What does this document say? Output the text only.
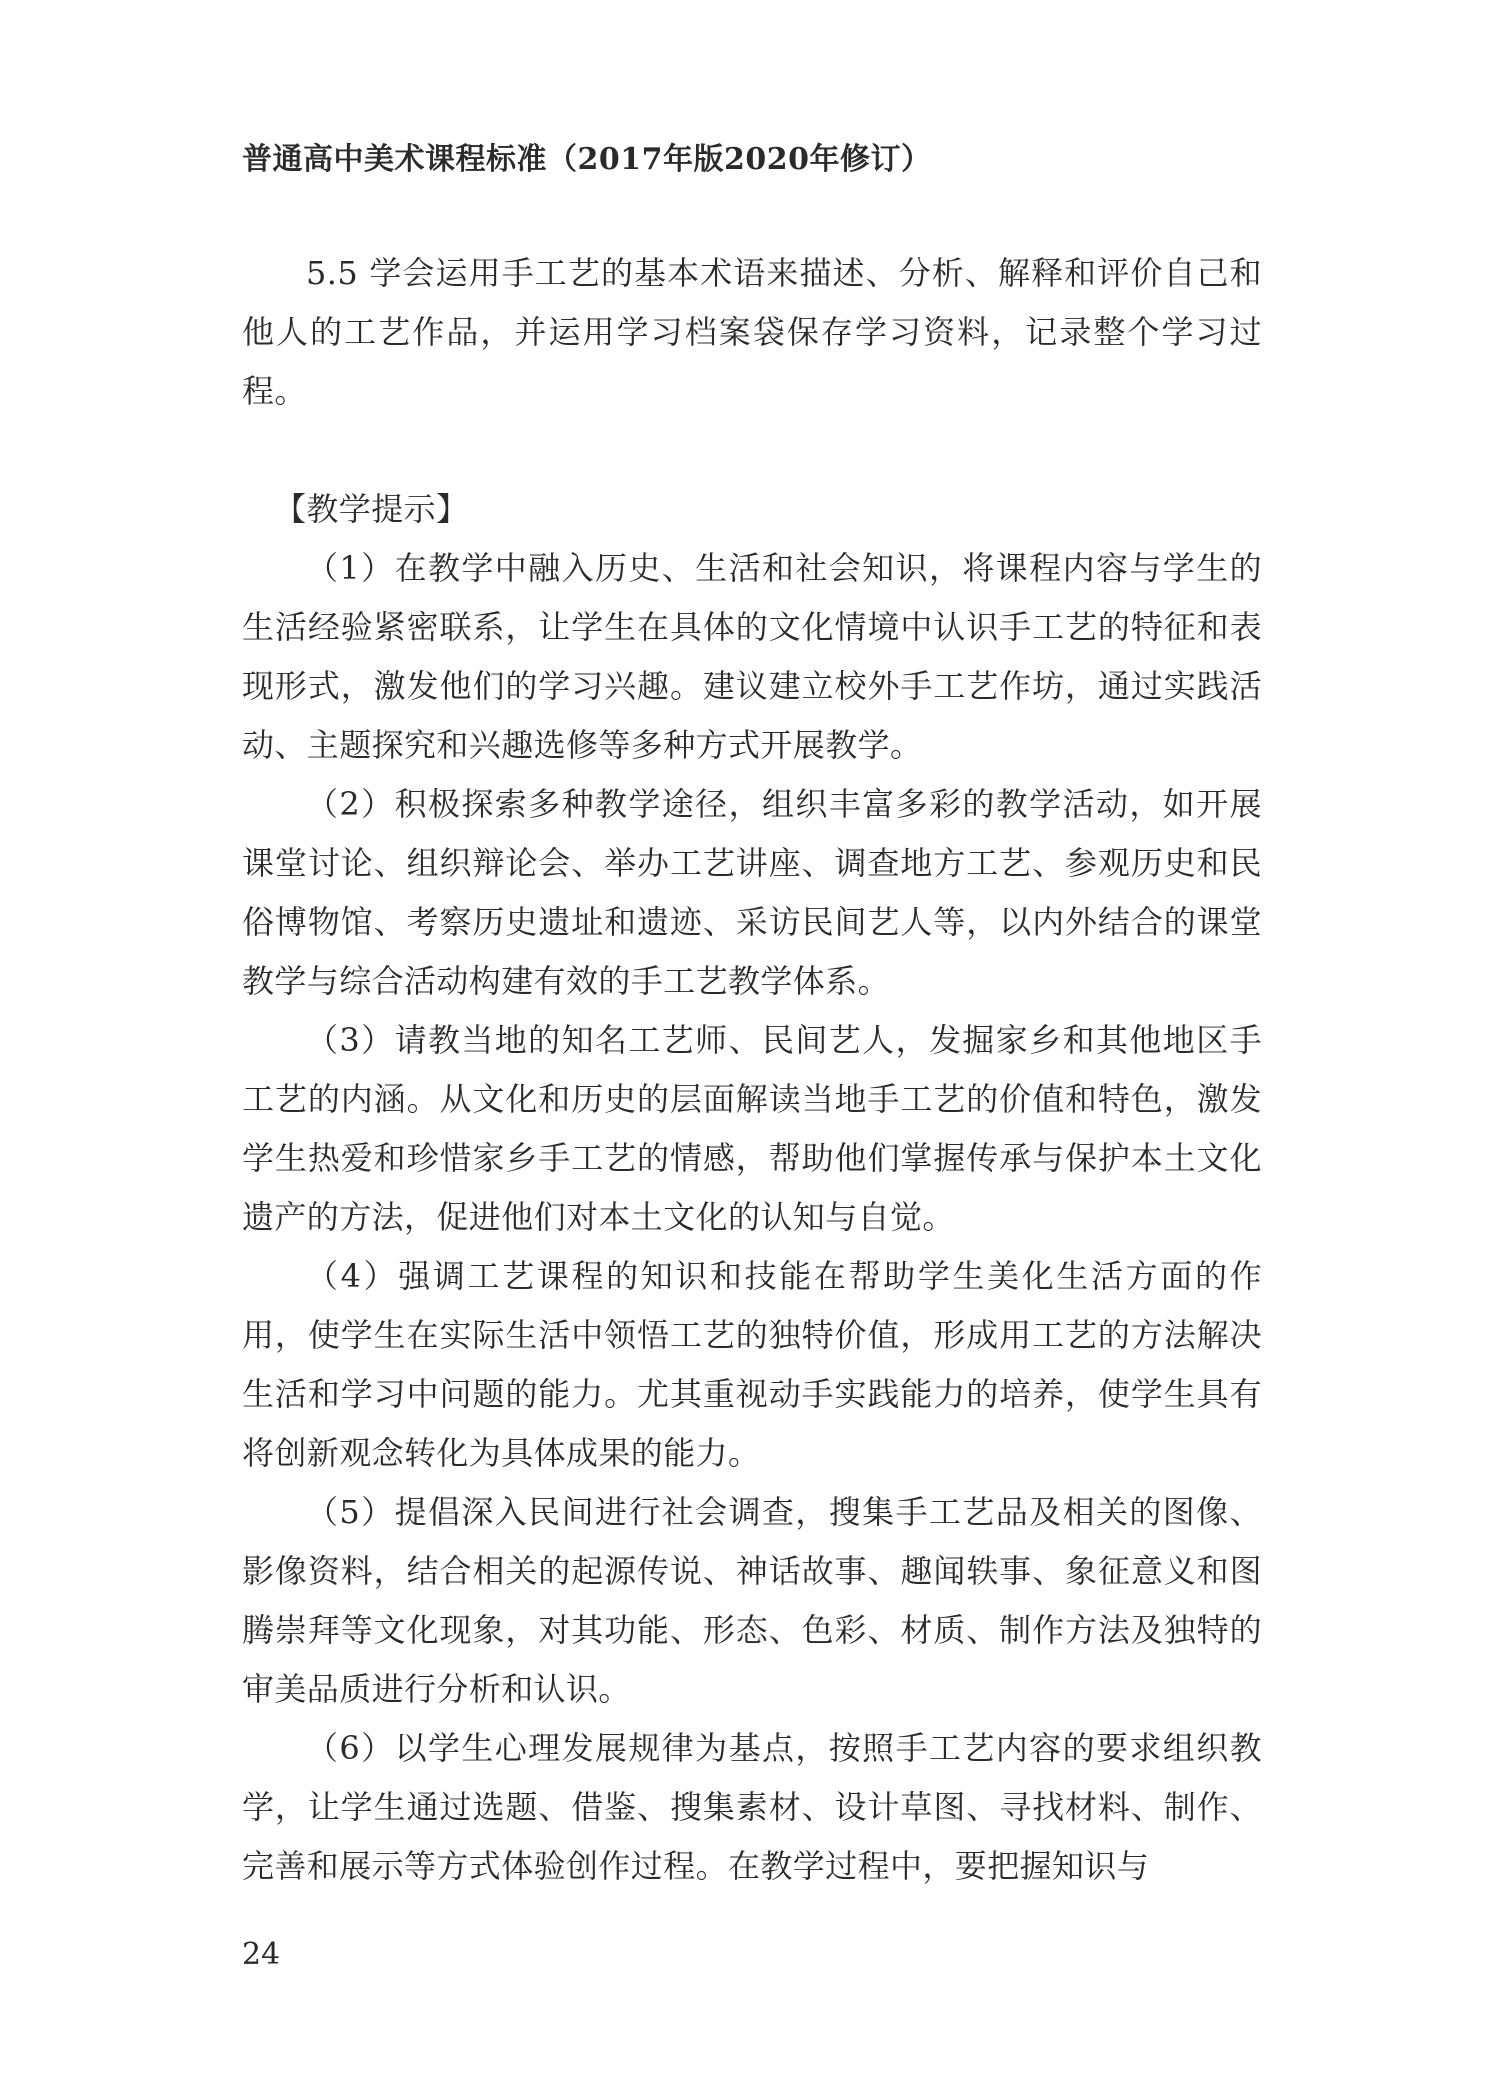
普通高中美术课程标准（2017年版2020年修订）

5.5 学会运用手工艺的基本术语来描述、分析、解释和评价自己和他人的工艺作品，并运用学习档案袋保存学习资料，记录整个学习过程。

【教学提示】

（1）在教学中融入历史、生活和社会知识，将课程内容与学生的生活经验紧密联系，让学生在具体的文化情境中认识手工艺的特征和表现形式，激发他们的学习兴趣。建议建立校外手工艺作坊，通过实践活动、主题探究和兴趣选修等多种方式开展教学。

（2）积极探索多种教学途径，组织丰富多彩的教学活动，如开展课堂讨论、组织辩论会、举办工艺讲座、调查地方工艺、参观历史和民俗博物馆、考察历史遗址和遗迹、采访民间艺人等，以内外结合的课堂教学与综合活动构建有效的手工艺教学体系。

（3）请教当地的知名工艺师、民间艺人，发掘家乡和其他地区手工艺的内涵。从文化和历史的层面解读当地手工艺的价值和特色，激发学生热爱和珍惜家乡手工艺的情感，帮助他们掌握传承与保护本土文化遗产的方法，促进他们对本土文化的认知与自觉。

（4）强调工艺课程的知识和技能在帮助学生美化生活方面的作用，使学生在实际生活中领悟工艺的独特价值，形成用工艺的方法解决生活和学习中问题的能力。尤其重视动手实践能力的培养，使学生具有将创新观念转化为具体成果的能力。

（5）提倡深入民间进行社会调查，搜集手工艺品及相关的图像、影像资料，结合相关的起源传说、神话故事、趣闻轶事、象征意义和图腾崇拜等文化现象，对其功能、形态、色彩、材质、制作方法及独特的审美品质进行分析和认识。

（6）以学生心理发展规律为基点，按照手工艺内容的要求组织教学，让学生通过选题、借鉴、搜集素材、设计草图、寻找材料、制作、完善和展示等方式体验创作过程。在教学过程中，要把握知识与

24
